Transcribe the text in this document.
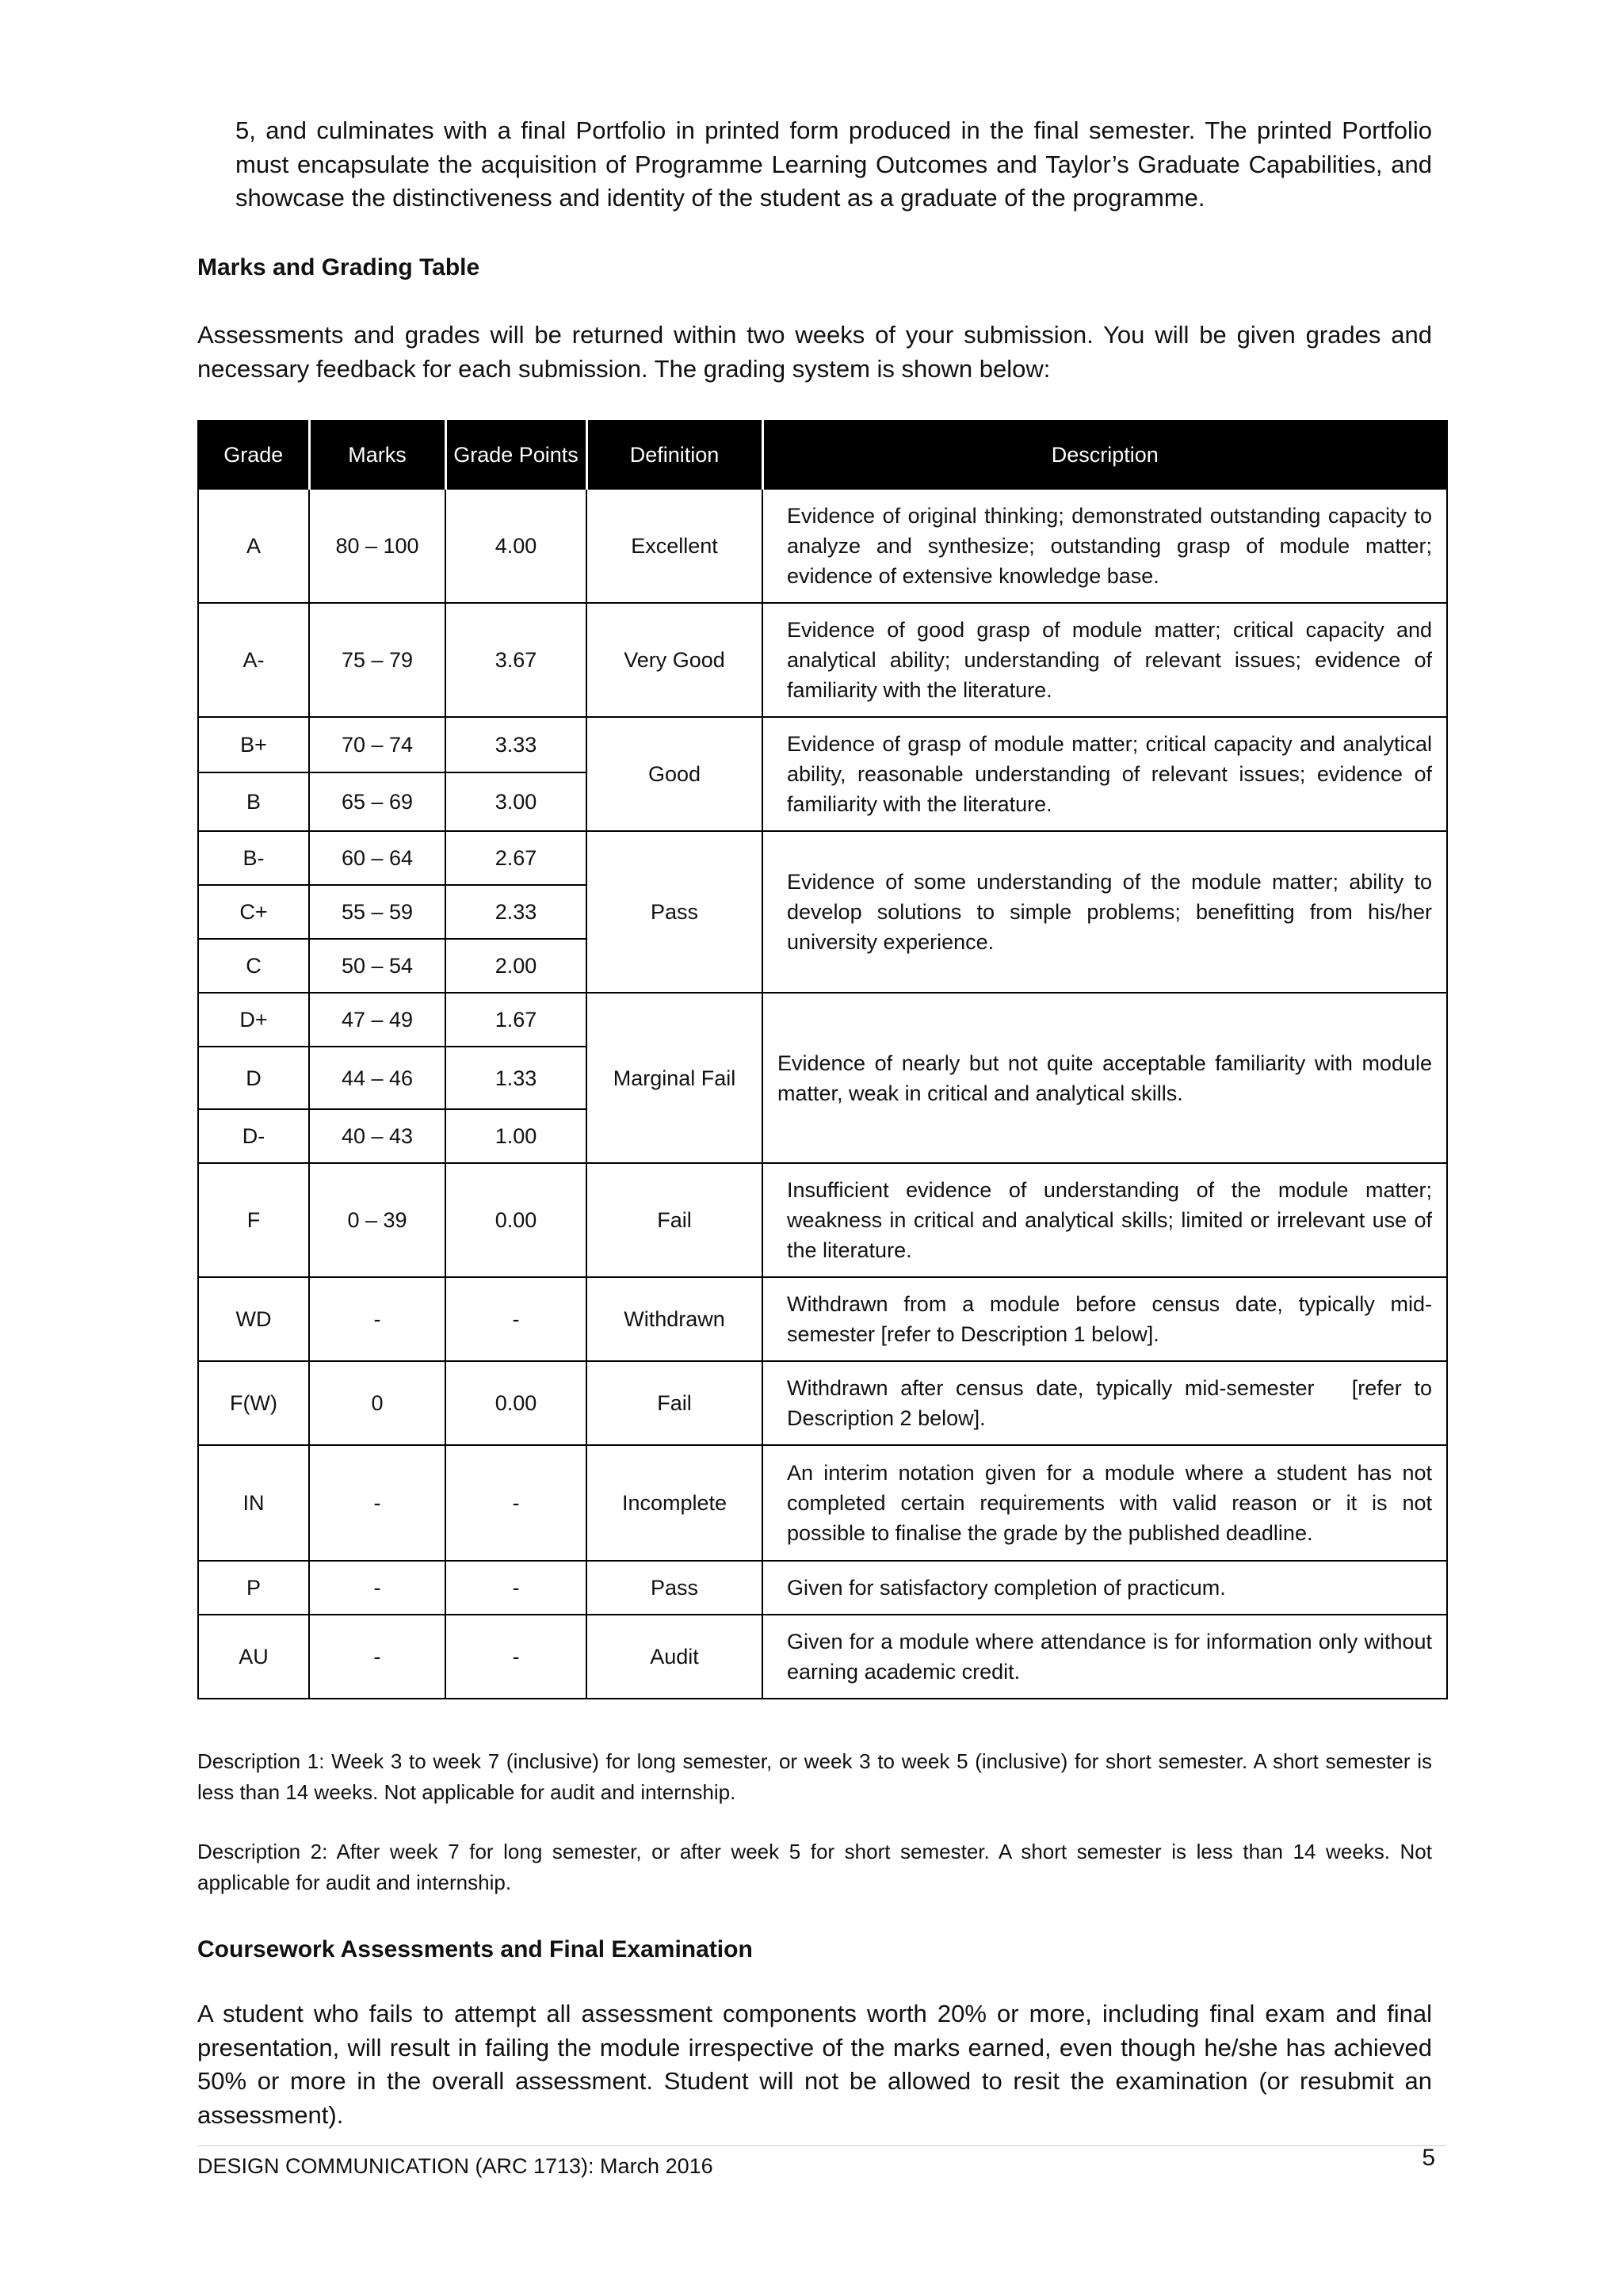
5, and culminates with a final Portfolio in printed form produced in the final semester. The printed Portfolio must encapsulate the acquisition of Programme Learning Outcomes and Taylor’s Graduate Capabilities, and showcase the distinctiveness and identity of the student as a graduate of the programme.

Marks and Grading Table

Assessments and grades will be returned within two weeks of your submission. You will be given grades and necessary feedback for each submission. The grading system is shown below:

Grade	Marks	Grade Points	Definition	Description
A	80 – 100	4.00	Excellent	Evidence of original thinking; demonstrated outstanding capacity to analyze and synthesize; outstanding grasp of module matter; evidence of extensive knowledge base.
A-	75 – 79	3.67	Very Good	Evidence of good grasp of module matter; critical capacity and analytical ability; understanding of relevant issues; evidence of familiarity with the literature.
B+	70 – 74	3.33	Good	Evidence of grasp of module matter; critical capacity and analytical ability, reasonable understanding of relevant issues; evidence of familiarity with the literature.
B	65 – 69	3.00		
B-	60 – 64	2.67	Pass	Evidence of some understanding of the module matter; ability to develop solutions to simple problems; benefitting from his/her university experience.
C+	55 – 59	2.33		
C	50 – 54	2.00		
D+	47 – 49	1.67	Marginal Fail	Evidence of nearly but not quite acceptable familiarity with module matter, weak in critical and analytical skills.
D	44 – 46	1.33		
D-	40 – 43	1.00		
F	0 – 39	0.00	Fail	Insufficient evidence of understanding of the module matter; weakness in critical and analytical skills; limited or irrelevant use of the literature.
WD	-	-	Withdrawn	Withdrawn from a module before census date, typically mid-semester [refer to Description 1 below].
F(W)	0	0.00	Fail	Withdrawn after census date, typically mid-semester   [refer to Description 2 below].
IN	-	-	Incomplete	An interim notation given for a module where a student has not completed certain requirements with valid reason or it is not possible to finalise the grade by the published deadline.
P	-	-	Pass	Given for satisfactory completion of practicum.
AU	-	-	Audit	Given for a module where attendance is for information only without earning academic credit.

Description 1: Week 3 to week 7 (inclusive) for long semester, or week 3 to week 5 (inclusive) for short semester. A short semester is less than 14 weeks. Not applicable for audit and internship.

Description 2: After week 7 for long semester, or after week 5 for short semester. A short semester is less than 14 weeks. Not applicable for audit and internship.

Coursework Assessments and Final Examination

A student who fails to attempt all assessment components worth 20% or more, including final exam and final presentation, will result in failing the module irrespective of the marks earned, even though he/she has achieved 50% or more in the overall assessment. Student will not be allowed to resit the examination (or resubmit an assessment).

DESIGN COMMUNICATION (ARC 1713): March 2016	5
